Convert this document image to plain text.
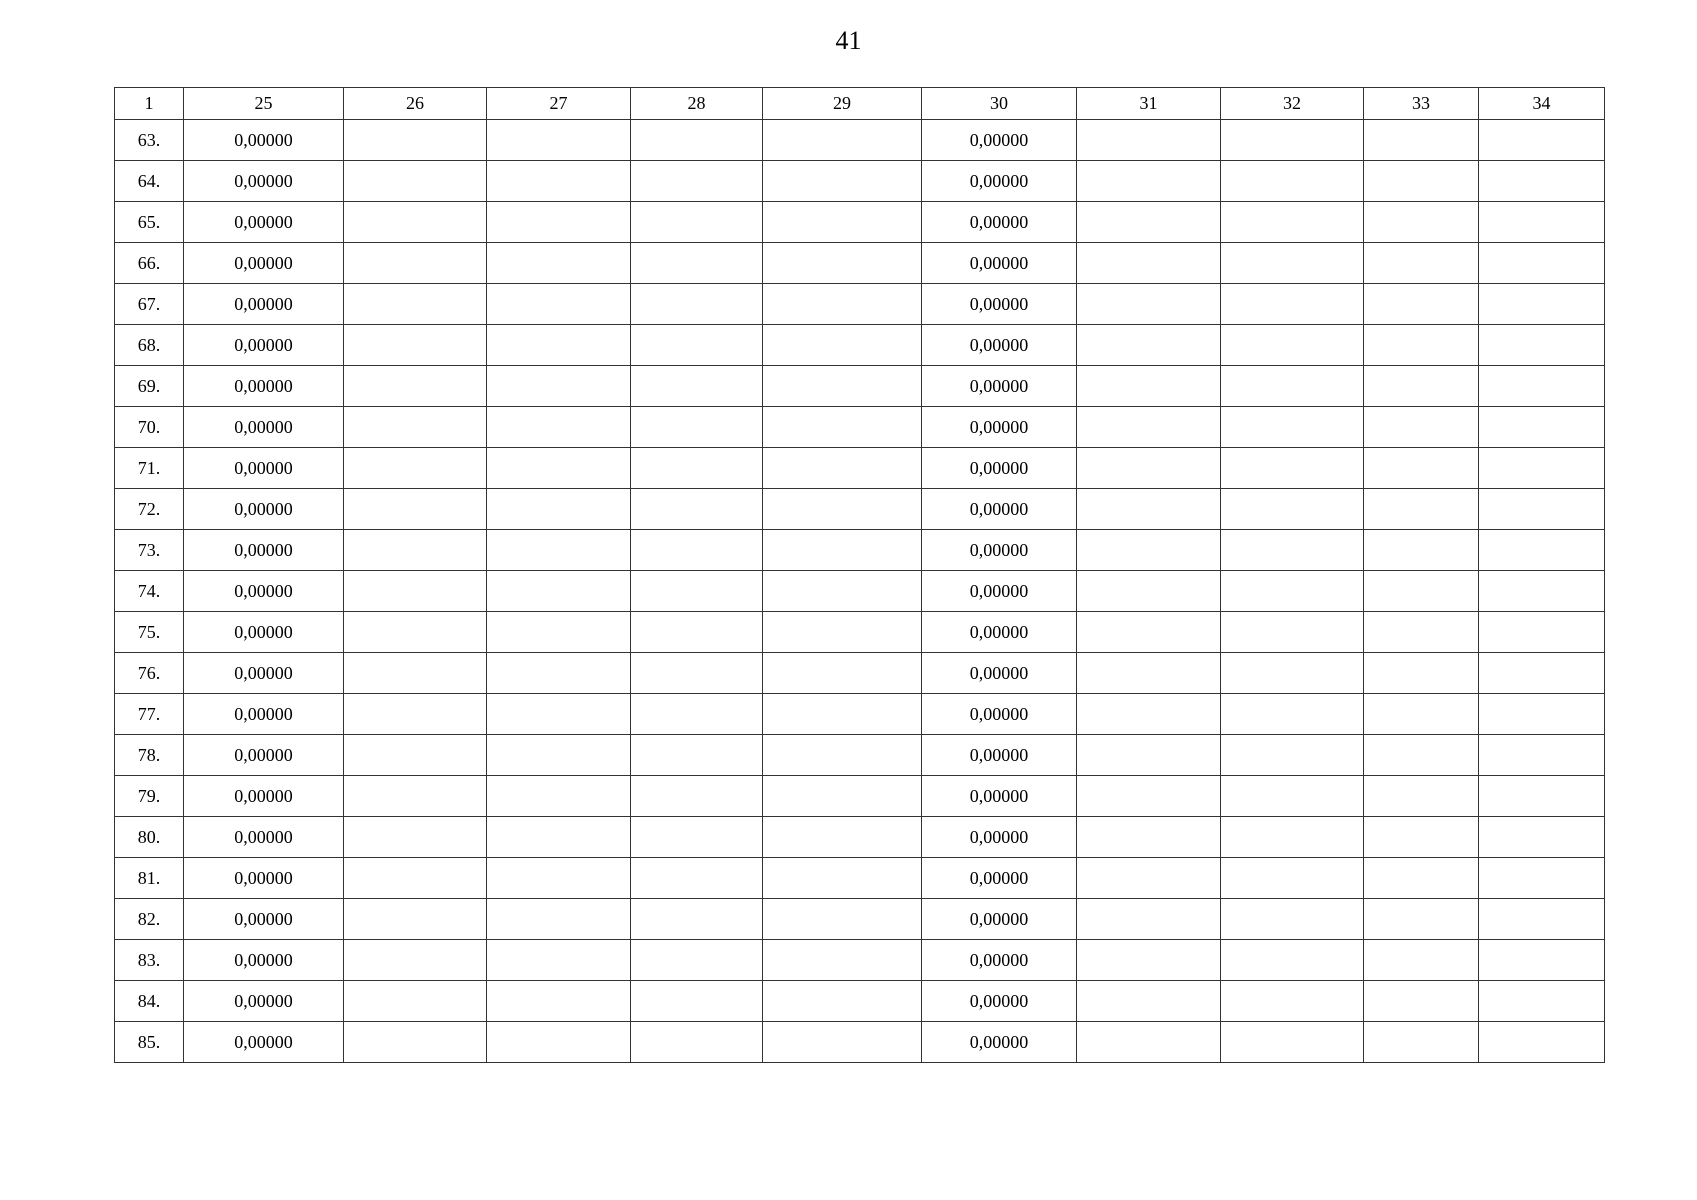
41
1	25	26	27	28	29	30	31	32	33	34
63.	0,00000					0,00000				
64.	0,00000					0,00000				
65.	0,00000					0,00000				
66.	0,00000					0,00000				
67.	0,00000					0,00000				
68.	0,00000					0,00000				
69.	0,00000					0,00000				
70.	0,00000					0,00000				
71.	0,00000					0,00000				
72.	0,00000					0,00000				
73.	0,00000					0,00000				
74.	0,00000					0,00000				
75.	0,00000					0,00000				
76.	0,00000					0,00000				
77.	0,00000					0,00000				
78.	0,00000					0,00000				
79.	0,00000					0,00000				
80.	0,00000					0,00000				
81.	0,00000					0,00000				
82.	0,00000					0,00000				
83.	0,00000					0,00000				
84.	0,00000					0,00000				
85.	0,00000					0,00000				
